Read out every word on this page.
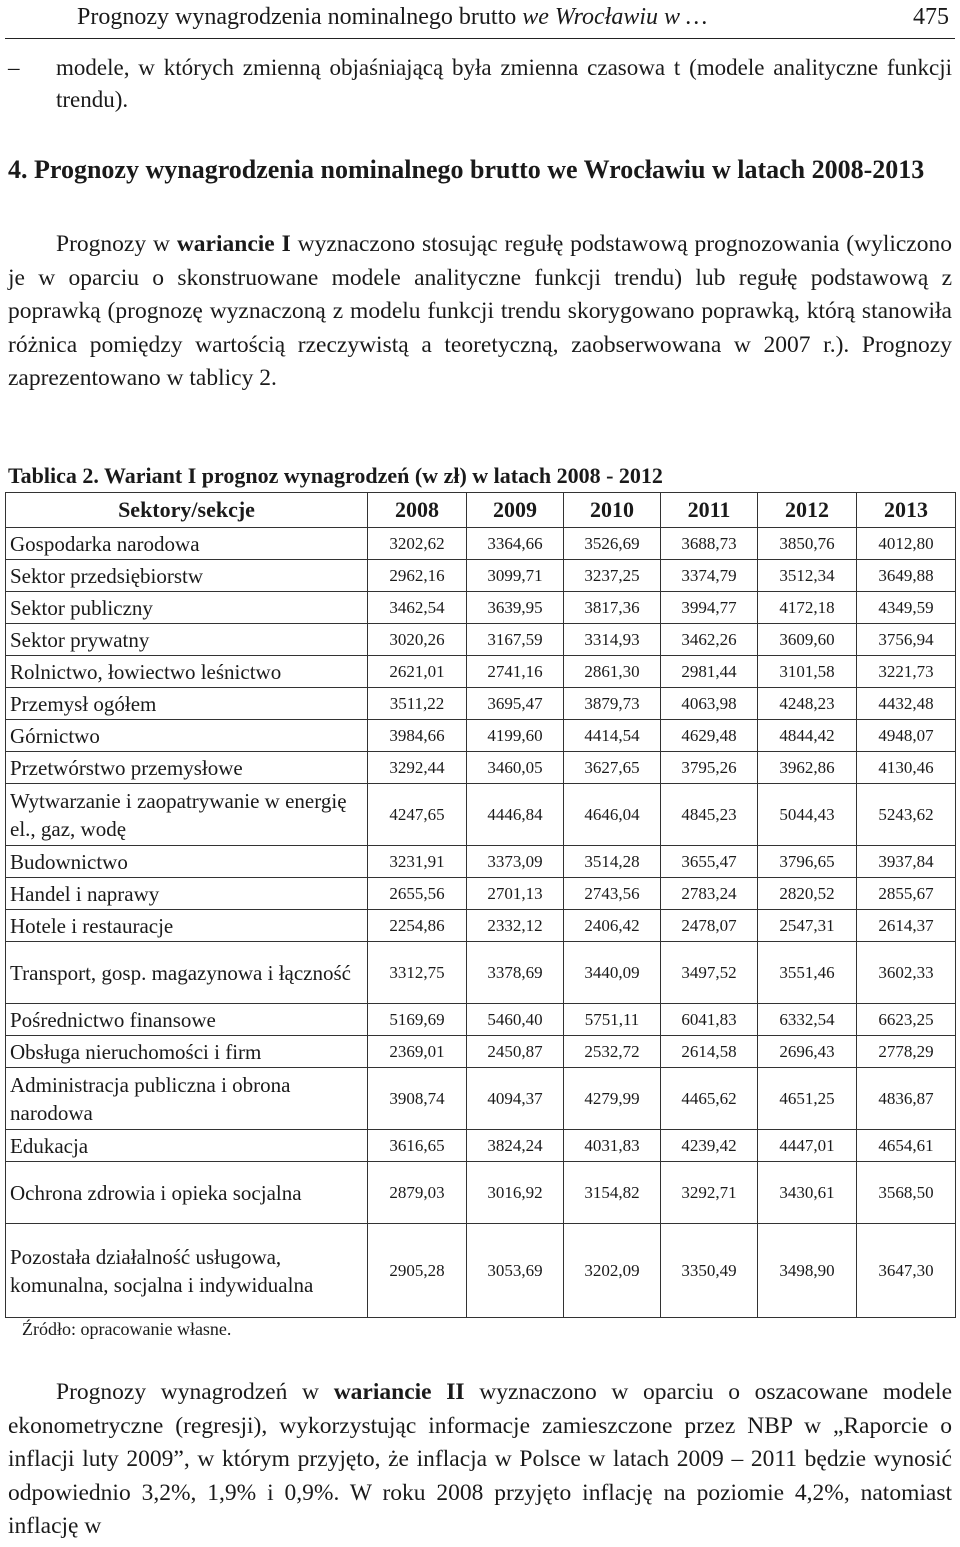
Prognozy wynagrodzenia nominalnego brutto we Wrocławiu w …	475
– modele, w których zmienną objaśniającą była zmienna czasowa t (modele analityczne funkcji trendu).
4. Prognozy wynagrodzenia nominalnego brutto we Wrocławiu w latach 2008-2013
Prognozy w wariancie I wyznaczono stosując regułę podstawową prognozowania (wyliczono je w oparciu o skonstruowane modele analityczne funkcji trendu) lub regułę podstawową z poprawką (prognozę wyznaczoną z modelu funkcji trendu skorygowano poprawką, którą stanowiła różnica pomiędzy wartością rzeczywistą a teoretyczną, zaobserwowana w 2007 r.). Prognozy zaprezentowano w tablicy 2.
Tablica 2. Wariant I prognoz wynagrodzeń (w zł) w latach 2008 - 2012
Sektory/sekcje	2008	2009	2010	2011	2012	2013
Gospodarka narodowa	3202,62	3364,66	3526,69	3688,73	3850,76	4012,80
Sektor przedsiębiorstw	2962,16	3099,71	3237,25	3374,79	3512,34	3649,88
Sektor publiczny	3462,54	3639,95	3817,36	3994,77	4172,18	4349,59
Sektor prywatny	3020,26	3167,59	3314,93	3462,26	3609,60	3756,94
Rolnictwo, łowiectwo leśnictwo	2621,01	2741,16	2861,30	2981,44	3101,58	3221,73
Przemysł ogółem	3511,22	3695,47	3879,73	4063,98	4248,23	4432,48
Górnictwo	3984,66	4199,60	4414,54	4629,48	4844,42	4948,07
Przetwórstwo przemysłowe	3292,44	3460,05	3627,65	3795,26	3962,86	4130,46
Wytwarzanie i zaopatrywanie w energię el., gaz, wodę	4247,65	4446,84	4646,04	4845,23	5044,43	5243,62
Budownictwo	3231,91	3373,09	3514,28	3655,47	3796,65	3937,84
Handel i naprawy	2655,56	2701,13	2743,56	2783,24	2820,52	2855,67
Hotele i restauracje	2254,86	2332,12	2406,42	2478,07	2547,31	2614,37
Transport, gosp. magazynowa i łączność	3312,75	3378,69	3440,09	3497,52	3551,46	3602,33
Pośrednictwo finansowe	5169,69	5460,40	5751,11	6041,83	6332,54	6623,25
Obsługa nieruchomości i firm	2369,01	2450,87	2532,72	2614,58	2696,43	2778,29
Administracja publiczna i obrona narodowa	3908,74	4094,37	4279,99	4465,62	4651,25	4836,87
Edukacja	3616,65	3824,24	4031,83	4239,42	4447,01	4654,61
Ochrona zdrowia i opieka socjalna	2879,03	3016,92	3154,82	3292,71	3430,61	3568,50
Pozostała działalność usługowa, komunalna, socjalna i indywidualna	2905,28	3053,69	3202,09	3350,49	3498,90	3647,30
Źródło: opracowanie własne.
Prognozy wynagrodzeń w wariancie II wyznaczono w oparciu o oszacowane modele ekonometryczne (regresji), wykorzystując informacje zamieszczone przez NBP w „Raporcie o inflacji luty 2009”, w którym przyjęto, że inflacja w Polsce w latach 2009 – 2011 będzie wynosić odpowiednio 3,2%, 1,9% i 0,9%. W roku 2008 przyjęto inflację na poziomie 4,2%, natomiast inflację w
